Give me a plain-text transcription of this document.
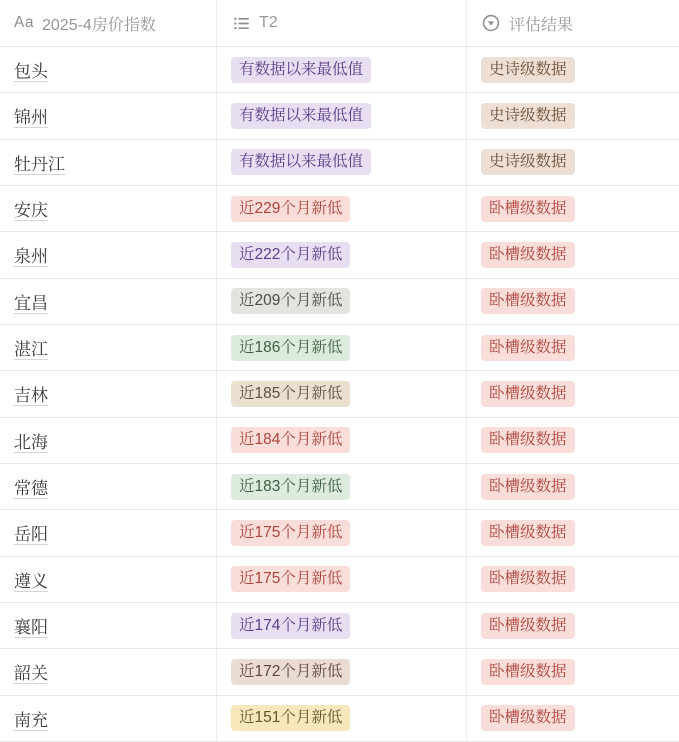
Aa 2025-4房价指数	T2	评估结果
包头	有数据以来最低值	史诗级数据
锦州	有数据以来最低值	史诗级数据
牡丹江	有数据以来最低值	史诗级数据
安庆	近229个月新低	卧槽级数据
泉州	近222个月新低	卧槽级数据
宜昌	近209个月新低	卧槽级数据
湛江	近186个月新低	卧槽级数据
吉林	近185个月新低	卧槽级数据
北海	近184个月新低	卧槽级数据
常德	近183个月新低	卧槽级数据
岳阳	近175个月新低	卧槽级数据
遵义	近175个月新低	卧槽级数据
襄阳	近174个月新低	卧槽级数据
韶关	近172个月新低	卧槽级数据
南充	近151个月新低	卧槽级数据
